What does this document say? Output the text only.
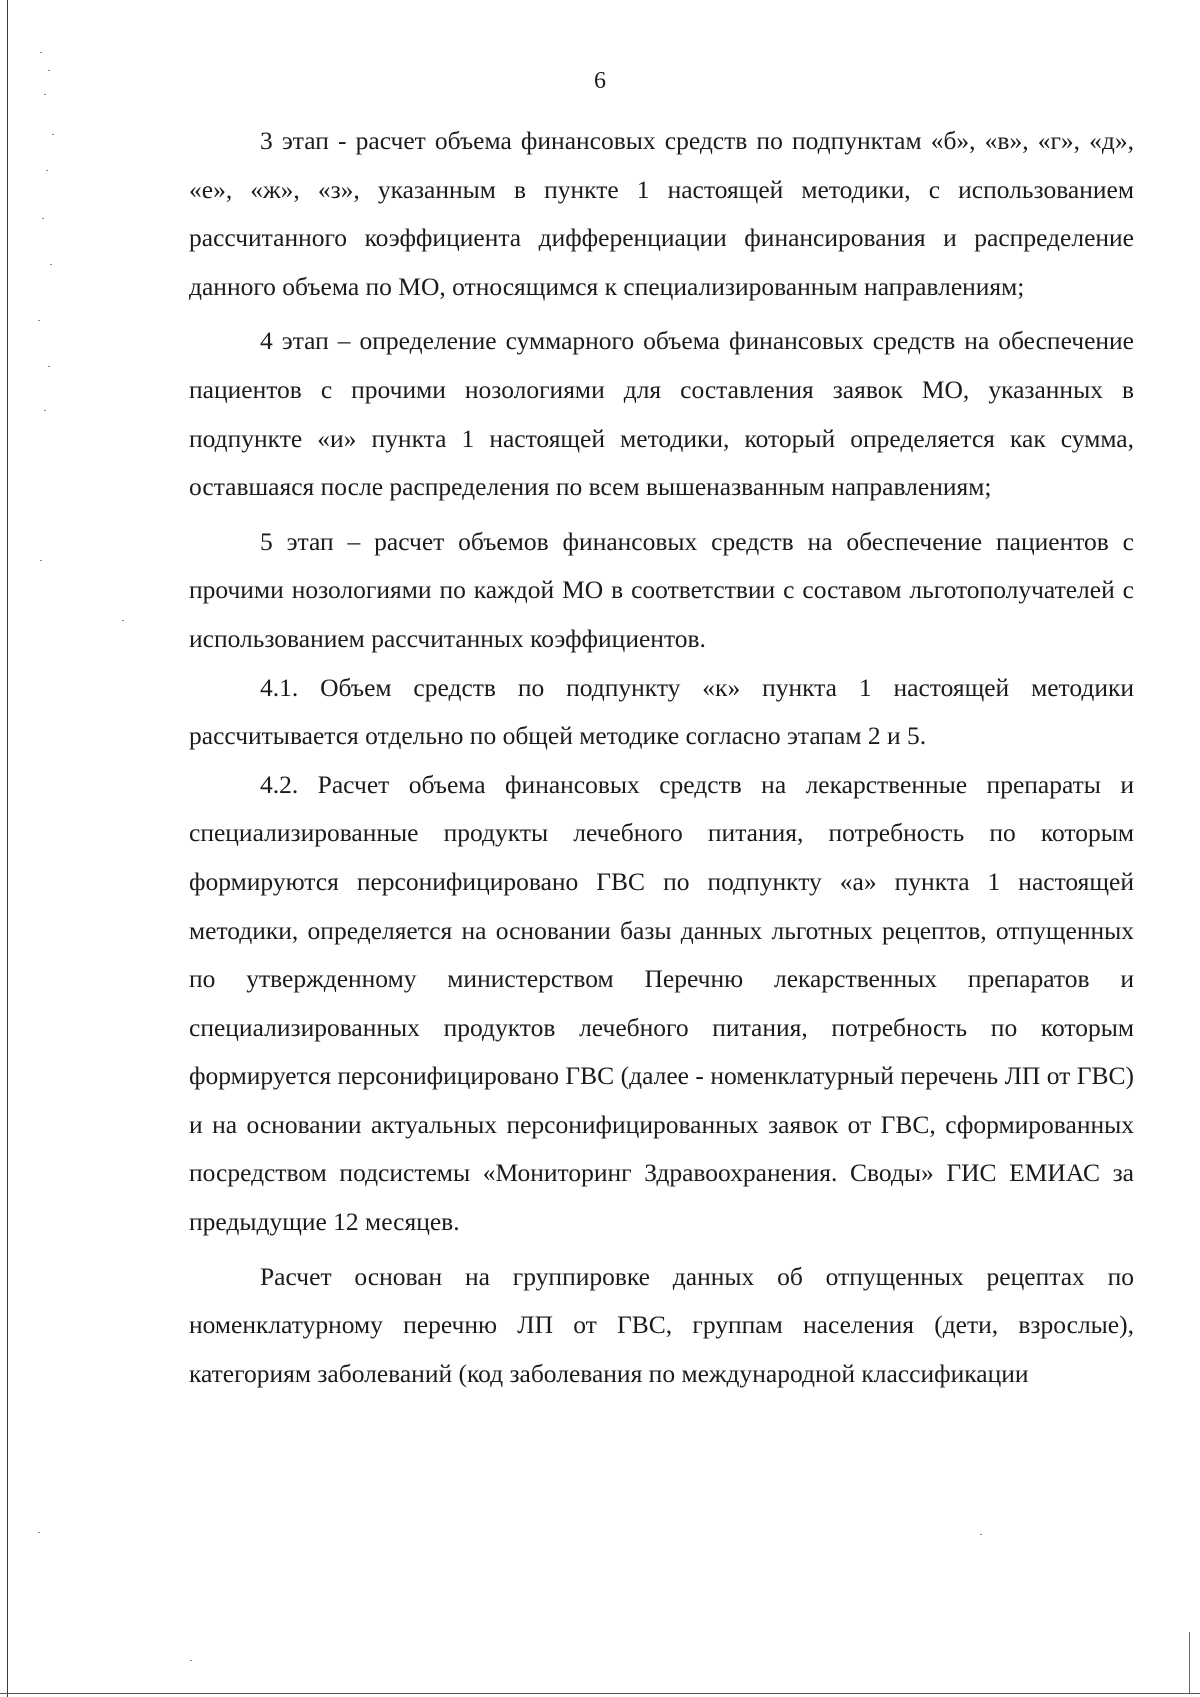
6

3 этап - расчет объема финансовых средств по подпунктам «б», «в», «г», «д», «е», «ж», «з», указанным в пункте 1 настоящей методики, с использованием рассчитанного коэффициента дифференциации финансирования и распределение данного объема по МО, относящимся к специализированным направлениям;

4 этап – определение суммарного объема финансовых средств на обеспечение пациентов с прочими нозологиями для составления заявок МО, указанных в подпункте «и» пункта 1 настоящей методики, который определяется как сумма, оставшаяся после распределения по всем вышеназванным направлениям;

5 этап – расчет объемов финансовых средств на обеспечение пациентов с прочими нозологиями по каждой МО в соответствии с составом льготополучателей с использованием рассчитанных коэффициентов.

4.1. Объем средств по подпункту «к» пункта 1 настоящей методики рассчитывается отдельно по общей методике согласно этапам 2 и 5.

4.2. Расчет объема финансовых средств на лекарственные препараты и специализированные продукты лечебного питания, потребность по которым формируются персонифицировано ГВС по подпункту «а» пункта 1 настоящей методики, определяется на основании базы данных льготных рецептов, отпущенных по утвержденному министерством Перечню лекарственных препаратов и специализированных продуктов лечебного питания, потребность по которым формируется персонифицировано ГВС (далее - номенклатурный перечень ЛП от ГВС) и на основании актуальных персонифицированных заявок от ГВС, сформированных посредством подсистемы «Мониторинг Здравоохранения. Своды» ГИС ЕМИАС за предыдущие 12 месяцев.

Расчет основан на группировке данных об отпущенных рецептах по номенклатурному перечню ЛП от ГВС, группам населения (дети, взрослые), категориям заболеваний (код заболевания по международной классификации
